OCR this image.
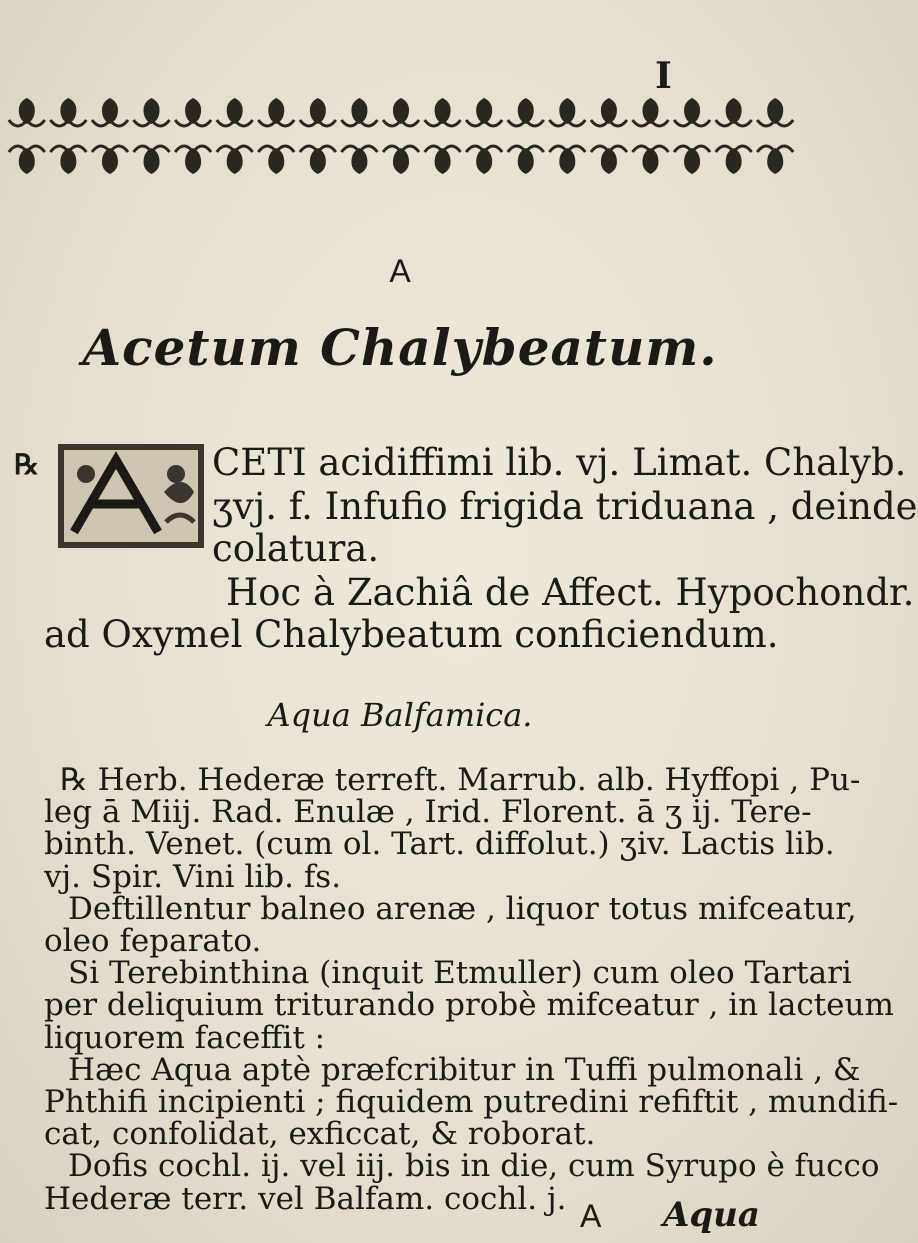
I
A
Acetum Chalybeatum.
℞	CETI acidiffimi lib. vj. Limat. Chalyb.
ʒvj. f. Infufio frigida triduana , deinde
colatura.
Hoc à Zachiâ de Affect. Hypochondr.
ad Oxymel Chalybeatum conficiendum.
Aqua Balfamica.
℞ Herb. Hederæ terreft. Marrub. alb. Hyffopi , Pu-
leg ā Miij. Rad. Enulæ , Irid. Florent. ā ʒ ij. Tere-
binth. Venet. (cum ol. Tart. diffolut.) ʒiv. Lactis lib.
vj. Spir. Vini lib. fs.
Deftillentur balneo arenæ , liquor totus mifceatur,
oleo feparato.
Si Terebinthina (inquit Etmuller) cum oleo Tartari
per deliquium triturando probè mifceatur , in lacteum
liquorem faceffit :
Hæc Aqua aptè præfcribitur in Tuffi pulmonali , &
Phthifi incipienti ; fiquidem putredini refiftit , mundifi-
cat, confolidat, exficcat, & roborat.
Dofis cochl. ij. vel iij. bis in die, cum Syrupo è fucco
Hederæ terr. vel Balfam. cochl. j. A Aqua
